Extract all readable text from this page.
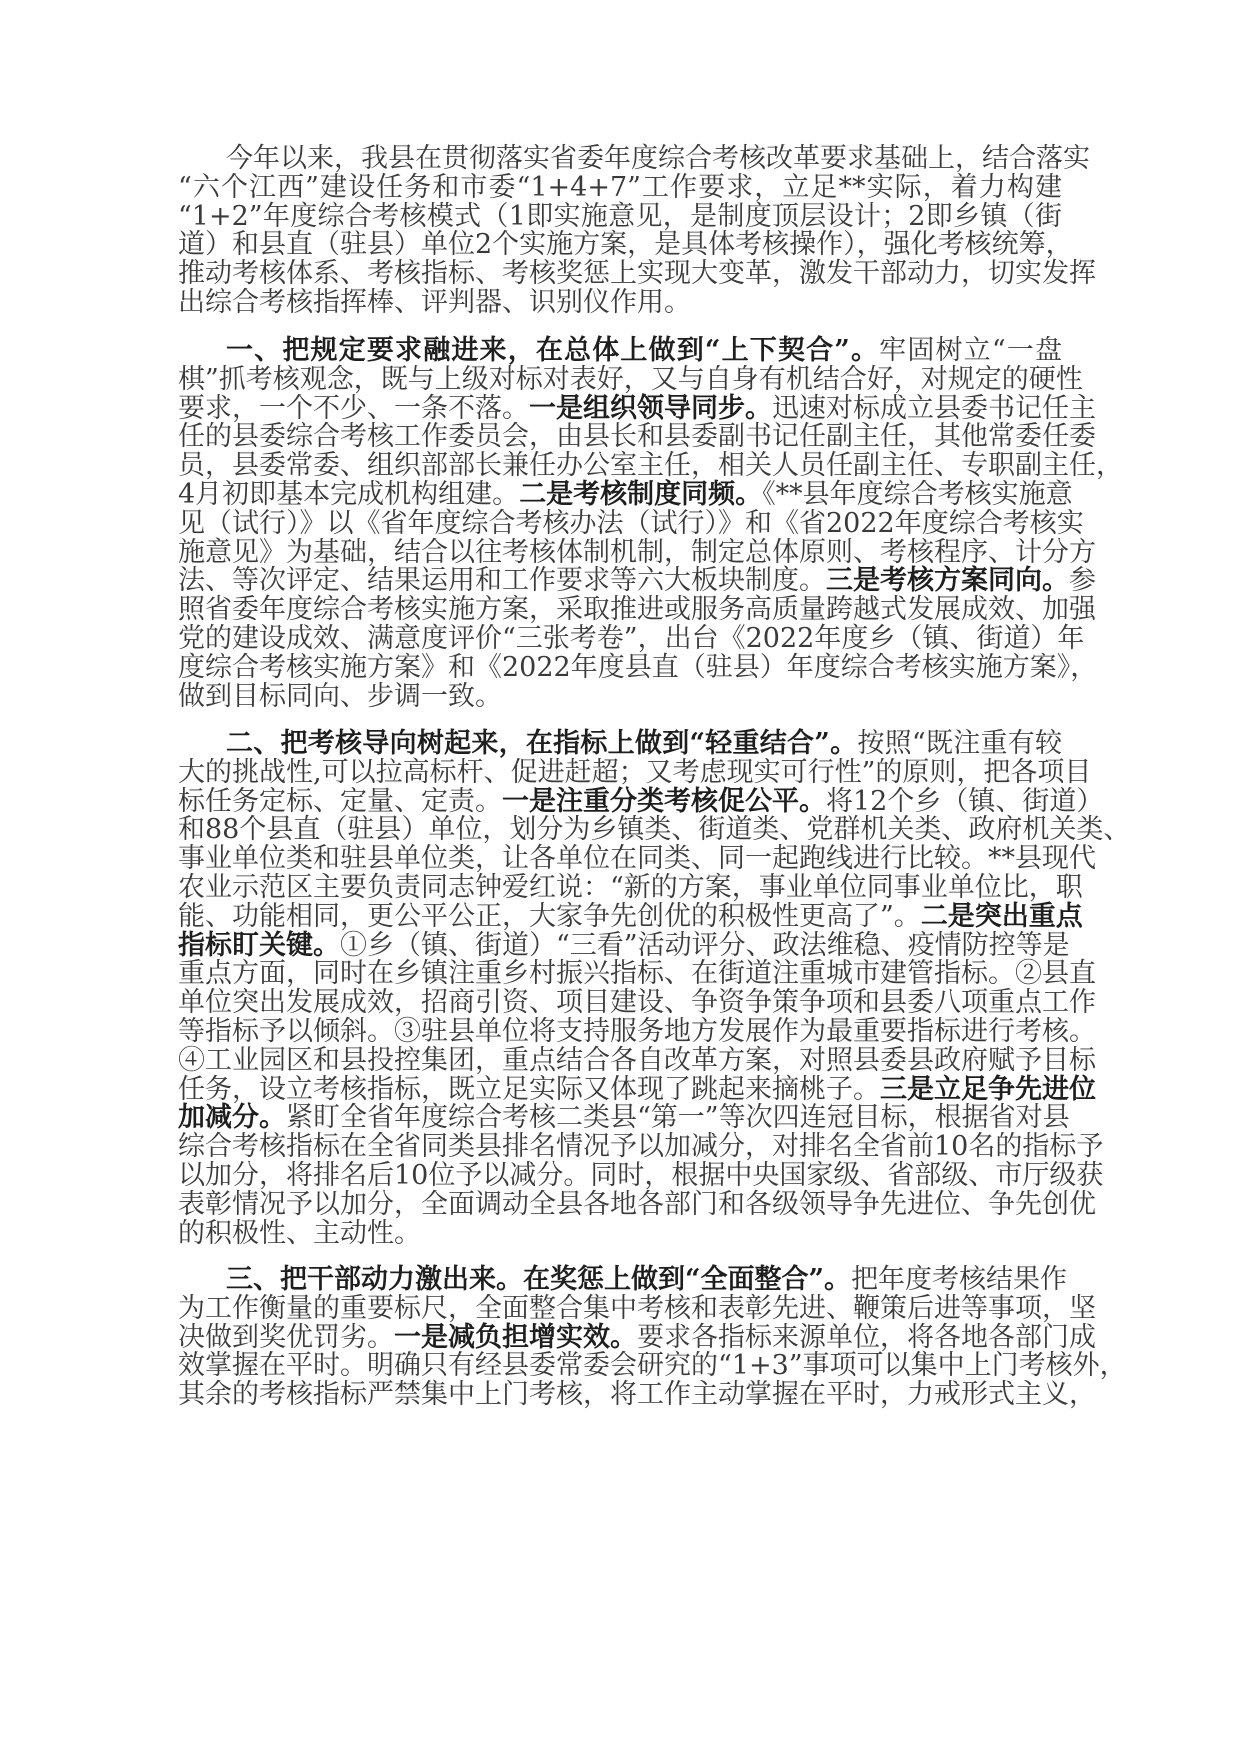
今年以来，我县在贯彻落实省委年度综合考核改革要求基础上，结合落实
“六个江西”建设任务和市委“1+4+7”工作要求，立足**实际，着力构建
“1+2”年度综合考核模式（1即实施意见，是制度顶层设计；2即乡镇（街
道）和县直（驻县）单位2个实施方案，是具体考核操作），强化考核统筹，
推动考核体系、考核指标、考核奖惩上实现大变革，激发干部动力，切实发挥
出综合考核指挥棒、评判器、识别仪作用。
一、把规定要求融进来，在总体上做到“上下契合”。牢固树立“一盘
棋”抓考核观念，既与上级对标对表好，又与自身有机结合好，对规定的硬性
要求，一个不少、一条不落。一是组织领导同步。迅速对标成立县委书记任主
任的县委综合考核工作委员会，由县长和县委副书记任副主任，其他常委任委
员，县委常委、组织部部长兼任办公室主任，相关人员任副主任、专职副主任，
4月初即基本完成机构组建。二是考核制度同频。《**县年度综合考核实施意
见（试行）》以《省年度综合考核办法（试行）》和《省2022年度综合考核实
施意见》为基础，结合以往考核体制机制，制定总体原则、考核程序、计分方
法、等次评定、结果运用和工作要求等六大板块制度。三是考核方案同向。参
照省委年度综合考核实施方案，采取推进或服务高质量跨越式发展成效、加强
党的建设成效、满意度评价“三张考卷”，出台《2022年度乡（镇、街道）年
度综合考核实施方案》和《2022年度县直（驻县）年度综合考核实施方案》，
做到目标同向、步调一致。
二、把考核导向树起来，在指标上做到“轻重结合”。按照“既注重有较
大的挑战性,可以拉高标杆、促进赶超；又考虑现实可行性”的原则，把各项目
标任务定标、定量、定责。一是注重分类考核促公平。将12个乡（镇、街道）
和88个县直（驻县）单位，划分为乡镇类、街道类、党群机关类、政府机关类、
事业单位类和驻县单位类，让各单位在同类、同一起跑线进行比较。**县现代
农业示范区主要负责同志钟爱红说：“新的方案，事业单位同事业单位比，职
能、功能相同，更公平公正，大家争先创优的积极性更高了”。二是突出重点
指标盯关键。①乡（镇、街道）“三看”活动评分、政法维稳、疫情防控等是
重点方面，同时在乡镇注重乡村振兴指标、在街道注重城市建管指标。②县直
单位突出发展成效，招商引资、项目建设、争资争策争项和县委八项重点工作
等指标予以倾斜。③驻县单位将支持服务地方发展作为最重要指标进行考核。
④工业园区和县投控集团，重点结合各自改革方案，对照县委县政府赋予目标
任务，设立考核指标，既立足实际又体现了跳起来摘桃子。三是立足争先进位
加减分。紧盯全省年度综合考核二类县“第一”等次四连冠目标，根据省对县
综合考核指标在全省同类县排名情况予以加减分，对排名全省前10名的指标予
以加分，将排名后10位予以减分。同时，根据中央国家级、省部级、市厅级获
表彰情况予以加分，全面调动全县各地各部门和各级领导争先进位、争先创优
的积极性、主动性。
三、把干部动力激出来。在奖惩上做到“全面整合”。把年度考核结果作
为工作衡量的重要标尺，全面整合集中考核和表彰先进、鞭策后进等事项，坚
决做到奖优罚劣。一是减负担增实效。要求各指标来源单位，将各地各部门成
效掌握在平时。明确只有经县委常委会研究的“1+3”事项可以集中上门考核外，
其余的考核指标严禁集中上门考核，将工作主动掌握在平时，力戒形式主义，
